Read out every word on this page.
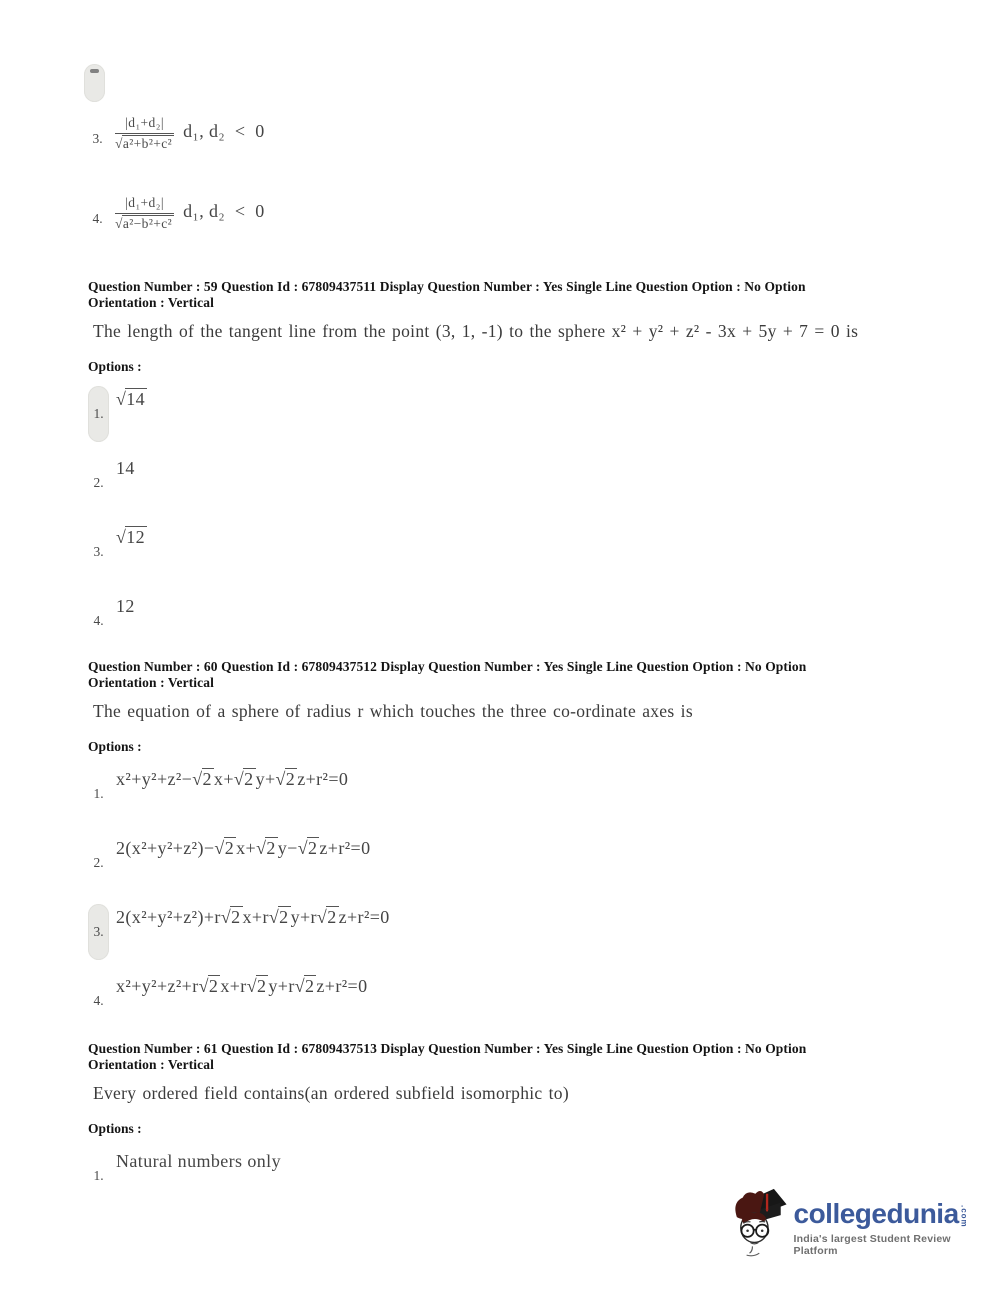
3. $\frac{\text{|d₁+d₂|}}{\text{√a²+b²+c²}} d_1$, d₂  <  0
4. $\frac{\text{|d₁+d₂|}}{\text{√a²−b²+c²}} d_1$, d₂  <  0
Question Number : 59 Question Id : 67809437511 Display Question Number : Yes Single Line Question Option : No Option
Orientation : Vertical

The length of the tangent line from the point (3, 1, -1) to the sphere x² + y² + z² - 3x + 5y + 7 = 0 is

Options :

1.
√14
2.
14
3.
√12
4.
12
Question Number : 60 Question Id : 67809437512 Display Question Number : Yes Single Line Question Option : No Option
Orientation : Vertical

The equation of a sphere of radius r which touches the three co-ordinate axes is

Options :

1.
x²+y²+z²−√2 x+√2 y+√2 z+r²=0
2.
2(x²+y²+z²)−√2 x+√2 y−√2 z+r²=0
3.
2(x²+y²+z²)+r√2 x+r√2 y+r√2 z+r²=0
4.
x²+y²+z²+r√2 x+r√2 y+r√2 z+r²=0
Question Number : 61 Question Id : 67809437513 Display Question Number : Yes Single Line Question Option : No Option
Orientation : Vertical

Every ordered field contains(an ordered subfield isomorphic to)

Options :

1.
Natural numbers only
collegedunia .com
India's largest Student Review Platform
